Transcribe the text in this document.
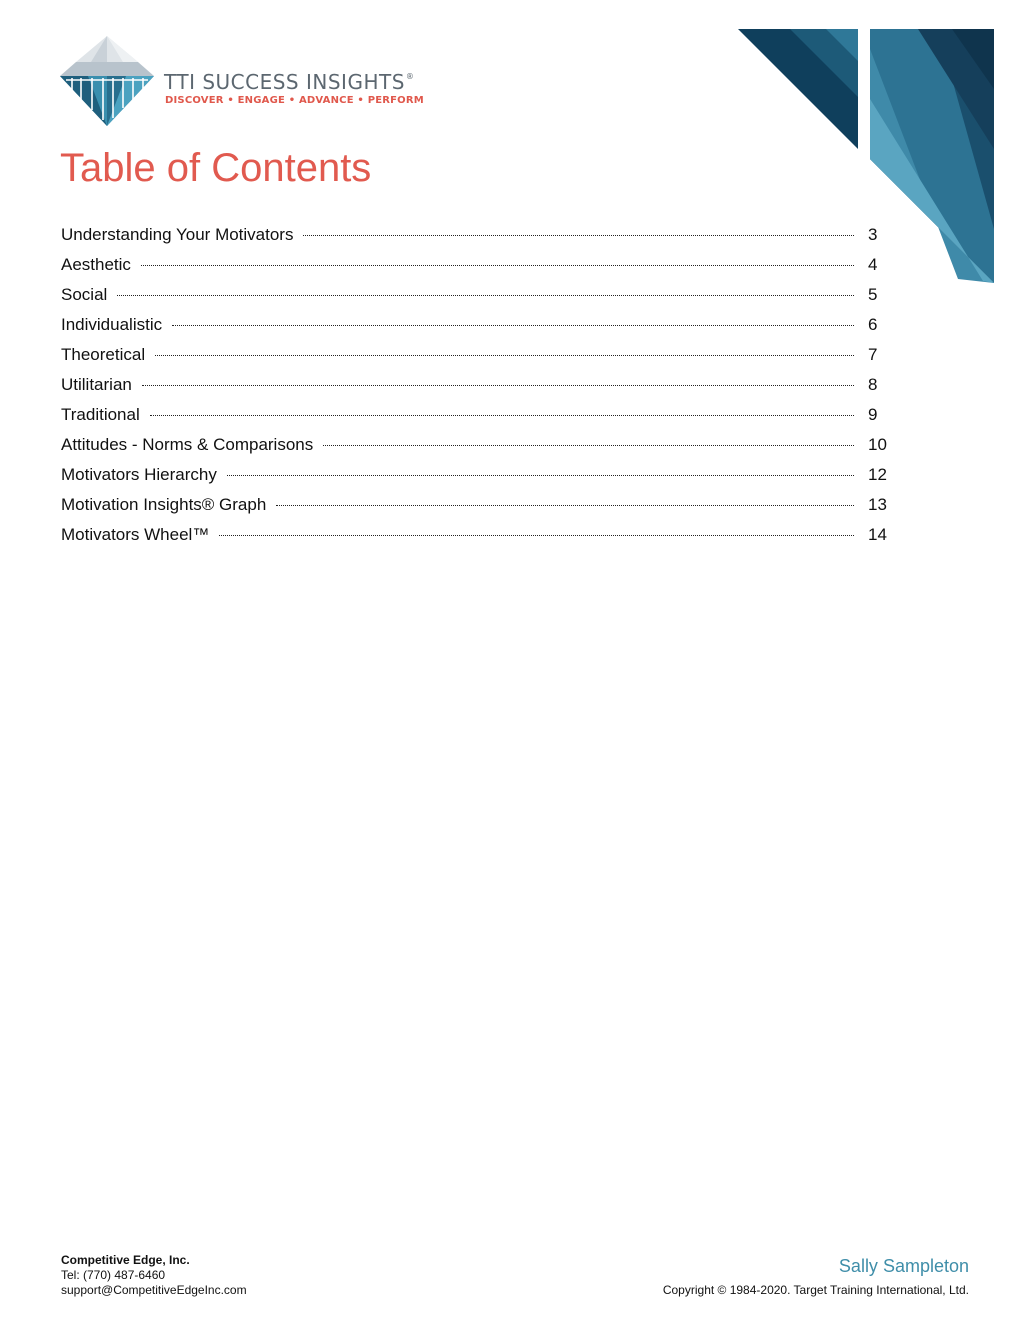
TTI SUCCESS INSIGHTS®
DISCOVER • ENGAGE • ADVANCE • PERFORM
Table of Contents
Understanding Your Motivators	3
Aesthetic	4
Social	5
Individualistic	6
Theoretical	7
Utilitarian	8
Traditional	9
Attitudes - Norms & Comparisons	10
Motivators Hierarchy	12
Motivation Insights® Graph	13
Motivators Wheel™	14
Competitive Edge, Inc.
Tel: (770) 487-6460
support@CompetitiveEdgeInc.com
Sally Sampleton
Copyright © 1984-2020. Target Training International, Ltd.
